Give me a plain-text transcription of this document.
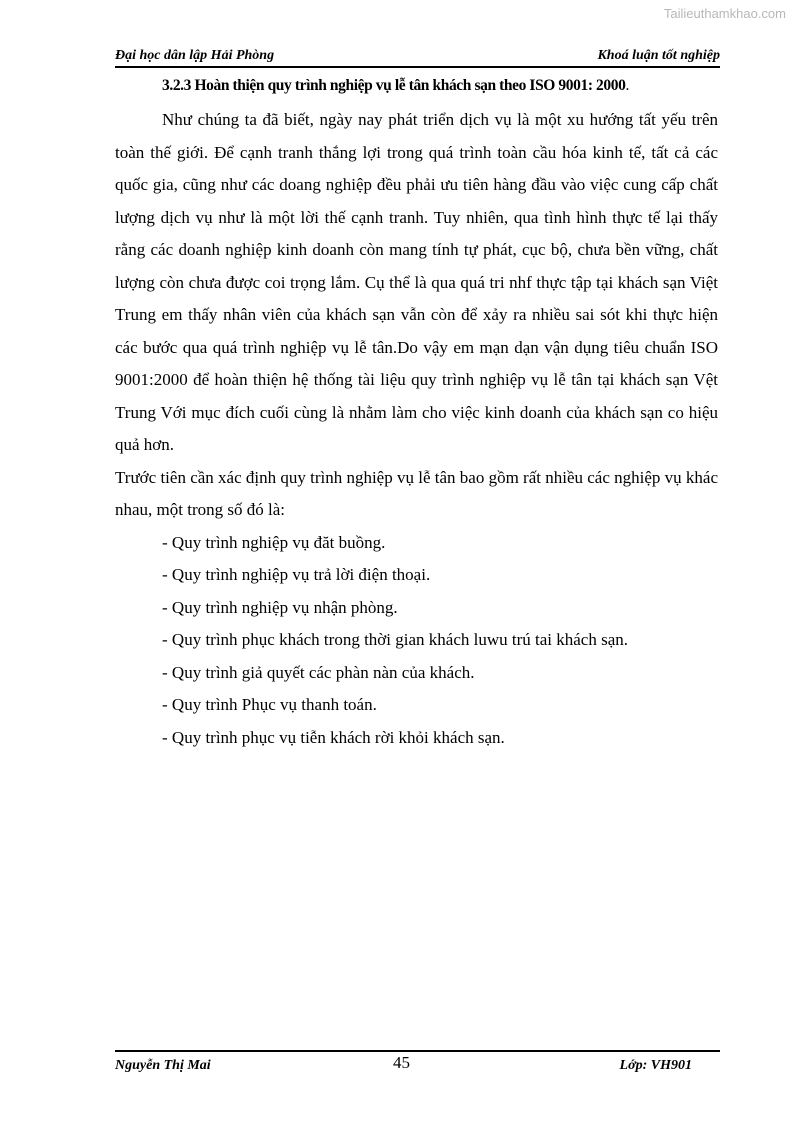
Tailieuthamkhao.com
Đại học dân lập Hải Phòng	Khoá luận tốt nghiệp
3.2.3 Hoàn thiện quy trình nghiệp vụ lễ tân khách sạn theo ISO 9001: 2000.

Như chúng ta đã biết, ngày nay phát triển dịch vụ là một xu hướng tất yếu trên toàn thế giới. Để cạnh tranh thắng lợi trong quá trình toàn cầu hóa kinh tế, tất cả các quốc gia, cũng như các doang nghiệp đều phải ưu tiên hàng đầu vào việc cung cấp chất lượng dịch vụ như là một lời thế cạnh tranh. Tuy nhiên, qua tình hình thực tế lại thấy rằng các doanh nghiệp kinh doanh còn mang tính tự phát, cục bộ, chưa bền vững, chất lượng còn chưa được coi trọng lắm. Cụ thể là qua quá tri nhf thực tập tại khách sạn Việt Trung em thấy nhân viên của khách sạn vẫn còn để xảy ra nhiều sai sót khi thực hiện các bước qua quá trình nghiệp vụ lễ tân.Do vậy em mạn dạn vận dụng tiêu chuẩn ISO 9001:2000 để hoàn thiện hệ thống tài liệu quy trình nghiệp vụ lễ tân tại khách sạn Vệt Trung Với mục đích cuối cùng là nhằm làm cho việc kinh doanh của khách sạn co hiệu quả hơn.

Trước tiên cần xác định quy trình nghiệp vụ lễ tân bao gồm rất nhiều các nghiệp vụ khác nhau, một trong số đó là:

- Quy trình nghiệp vụ đăt buồng.
- Quy trình nghiệp vụ trả lời điện thoại.
- Quy trình nghiệp vụ nhận phòng.
- Quy trình phục khách trong thời gian khách luwu trú tai khách sạn.
- Quy trình giả quyết các phàn nàn của khách.
- Quy trình Phục vụ thanh toán.
- Quy trình phục vụ tiễn khách rời khỏi khách sạn.
Nguyễn Thị Mai	45	Lớp: VH901
